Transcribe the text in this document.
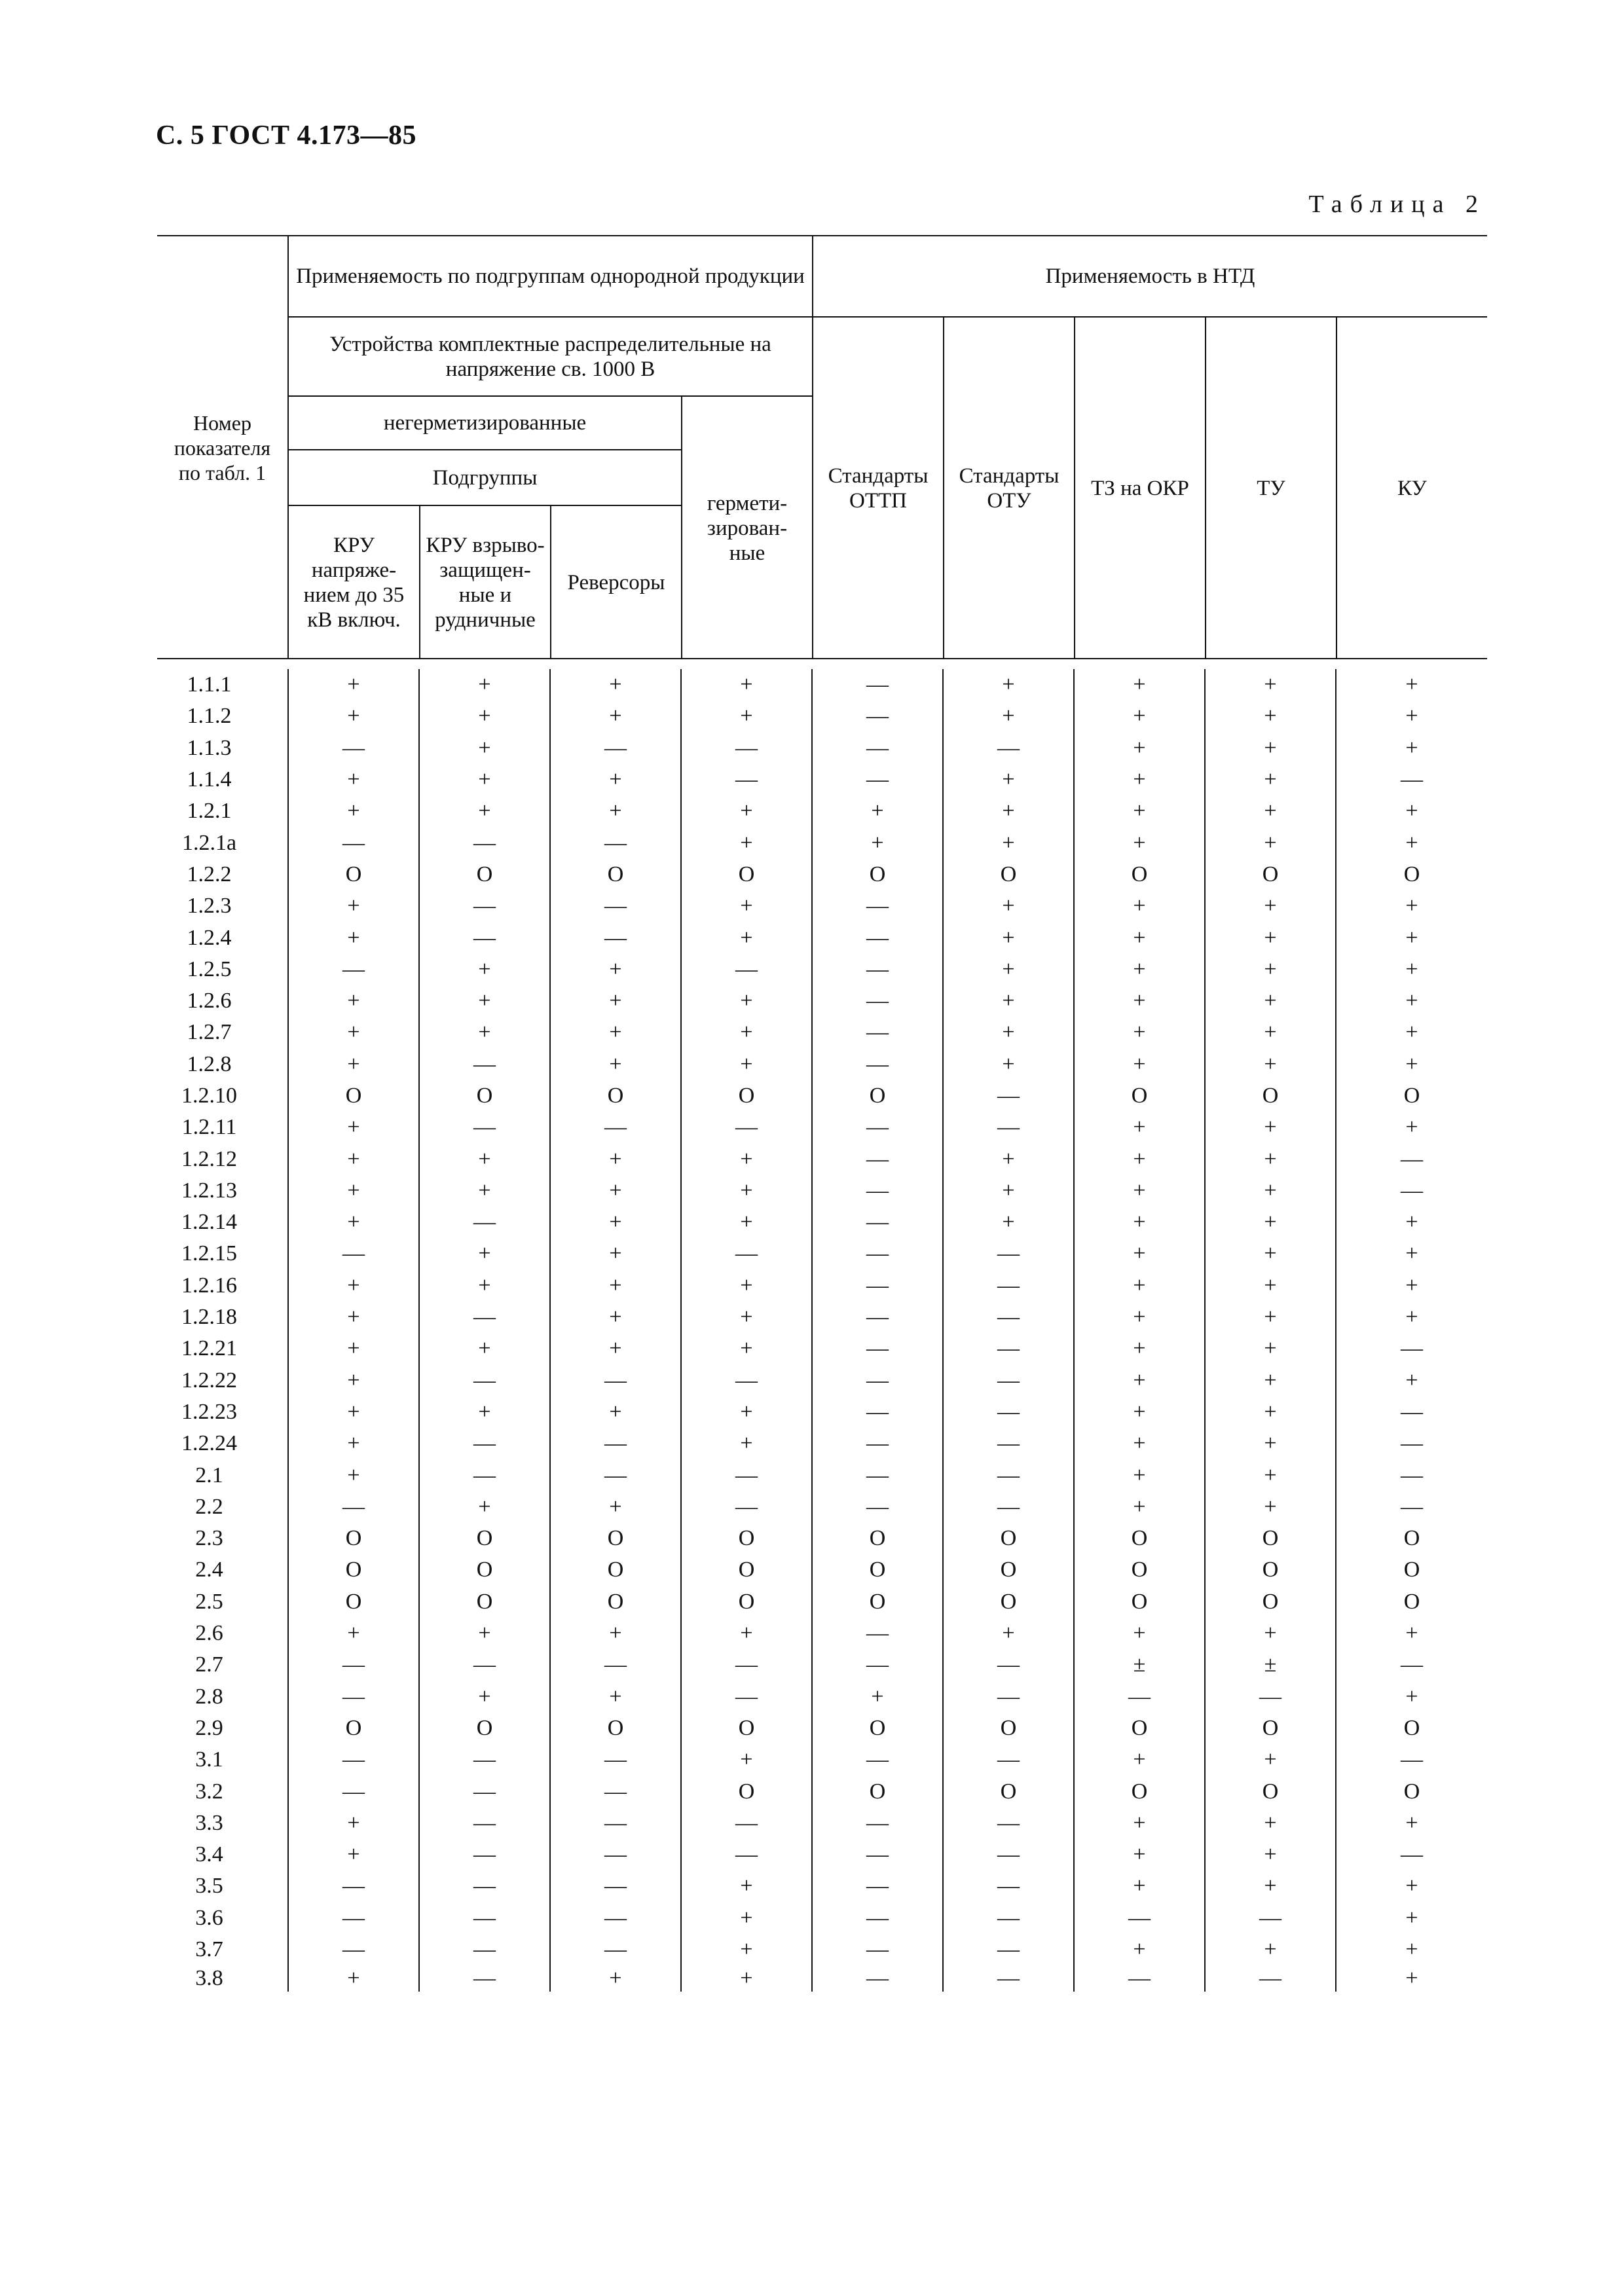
С. 5 ГОСТ 4.173—85
Таблица 2
Номер показателя по табл. 1
Применяемость по подгруппам однородной продукции	Применяемость в НТД
Устройства комплектные распределительные на напряжение св. 1000 В
негерметизированные
Подгруппы
КРУ напряже-нием до 35 кВ включ.
КРУ взрыво-защищен-ные и рудничные
Реверсоры
гермети-зирован-ные
Стандарты ОТТП
Стандарты ОТУ
ТЗ на ОКР	ТУ	КУ
1.1.1	+	+	+	+	—	+	+	+	+
1.1.2	+	+	+	+	—	+	+	+	+
1.1.3	—	+	—	—	—	—	+	+	+
1.1.4	+	+	+	—	—	+	+	+	—
1.2.1	+	+	+	+	+	+	+	+	+
1.2.1а	—	—	—	+	+	+	+	+	+
1.2.2	О	О	О	О	О	О	О	О	О
1.2.3	+	—	—	+	—	+	+	+	+
1.2.4	+	—	—	+	—	+	+	+	+
1.2.5	—	+	+	—	—	+	+	+	+
1.2.6	+	+	+	+	—	+	+	+	+
1.2.7	+	+	+	+	—	+	+	+	+
1.2.8	+	—	+	+	—	+	+	+	+
1.2.10	О	О	О	О	О	—	О	О	О
1.2.11	+	—	—	—	—	—	+	+	+
1.2.12	+	+	+	+	—	+	+	+	—
1.2.13	+	+	+	+	—	+	+	+	—
1.2.14	+	—	+	+	—	+	+	+	+
1.2.15	—	+	+	—	—	—	+	+	+
1.2.16	+	+	+	+	—	—	+	+	+
1.2.18	+	—	+	+	—	—	+	+	+
1.2.21	+	+	+	+	—	—	+	+	—
1.2.22	+	—	—	—	—	—	+	+	+
1.2.23	+	+	+	+	—	—	+	+	—
1.2.24	+	—	—	+	—	—	+	+	—
2.1	+	—	—	—	—	—	+	+	—
2.2	—	+	+	—	—	—	+	+	—
2.3	О	О	О	О	О	О	О	О	О
2.4	О	О	О	О	О	О	О	О	О
2.5	О	О	О	О	О	О	О	О	О
2.6	+	+	+	+	—	+	+	+	+
2.7	—	—	—	—	—	—	±	±	—
2.8	—	+	+	—	+	—	—	—	+
2.9	О	О	О	О	О	О	О	О	О
3.1	—	—	—	+	—	—	+	+	—
3.2	—	—	—	О	О	О	О	О	О
3.3	+	—	—	—	—	—	+	+	+
3.4	+	—	—	—	—	—	+	+	—
3.5	—	—	—	+	—	—	+	+	+
3.6	—	—	—	+	—	—	—	—	+
3.7	—	—	—	+	—	—	+	+	+
3.8	+	—	+	+	—	—	—	—	+
